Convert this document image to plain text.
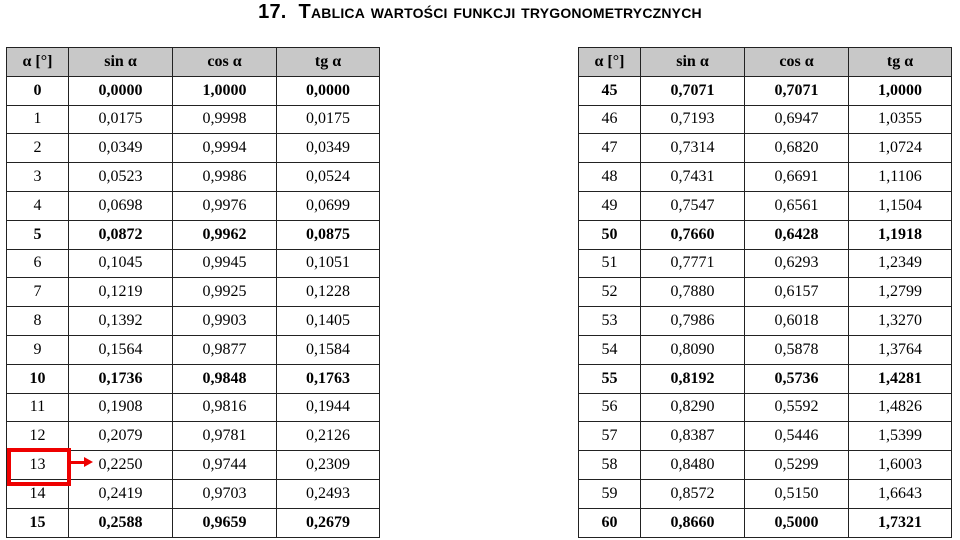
17. Tablica wartości funkcji trygonometrycznych
α [°]	sin α	cos α	tg α
0	0,0000	1,0000	0,0000
1	0,0175	0,9998	0,0175
2	0,0349	0,9994	0,0349
3	0,0523	0,9986	0,0524
4	0,0698	0,9976	0,0699
5	0,0872	0,9962	0,0875
6	0,1045	0,9945	0,1051
7	0,1219	0,9925	0,1228
8	0,1392	0,9903	0,1405
9	0,1564	0,9877	0,1584
10	0,1736	0,9848	0,1763
11	0,1908	0,9816	0,1944
12	0,2079	0,9781	0,2126
13	0,2250	0,9744	0,2309
14	0,2419	0,9703	0,2493
15	0,2588	0,9659	0,2679
α [°]	sin α	cos α	tg α
45	0,7071	0,7071	1,0000
46	0,7193	0,6947	1,0355
47	0,7314	0,6820	1,0724
48	0,7431	0,6691	1,1106
49	0,7547	0,6561	1,1504
50	0,7660	0,6428	1,1918
51	0,7771	0,6293	1,2349
52	0,7880	0,6157	1,2799
53	0,7986	0,6018	1,3270
54	0,8090	0,5878	1,3764
55	0,8192	0,5736	1,4281
56	0,8290	0,5592	1,4826
57	0,8387	0,5446	1,5399
58	0,8480	0,5299	1,6003
59	0,8572	0,5150	1,6643
60	0,8660	0,5000	1,7321
